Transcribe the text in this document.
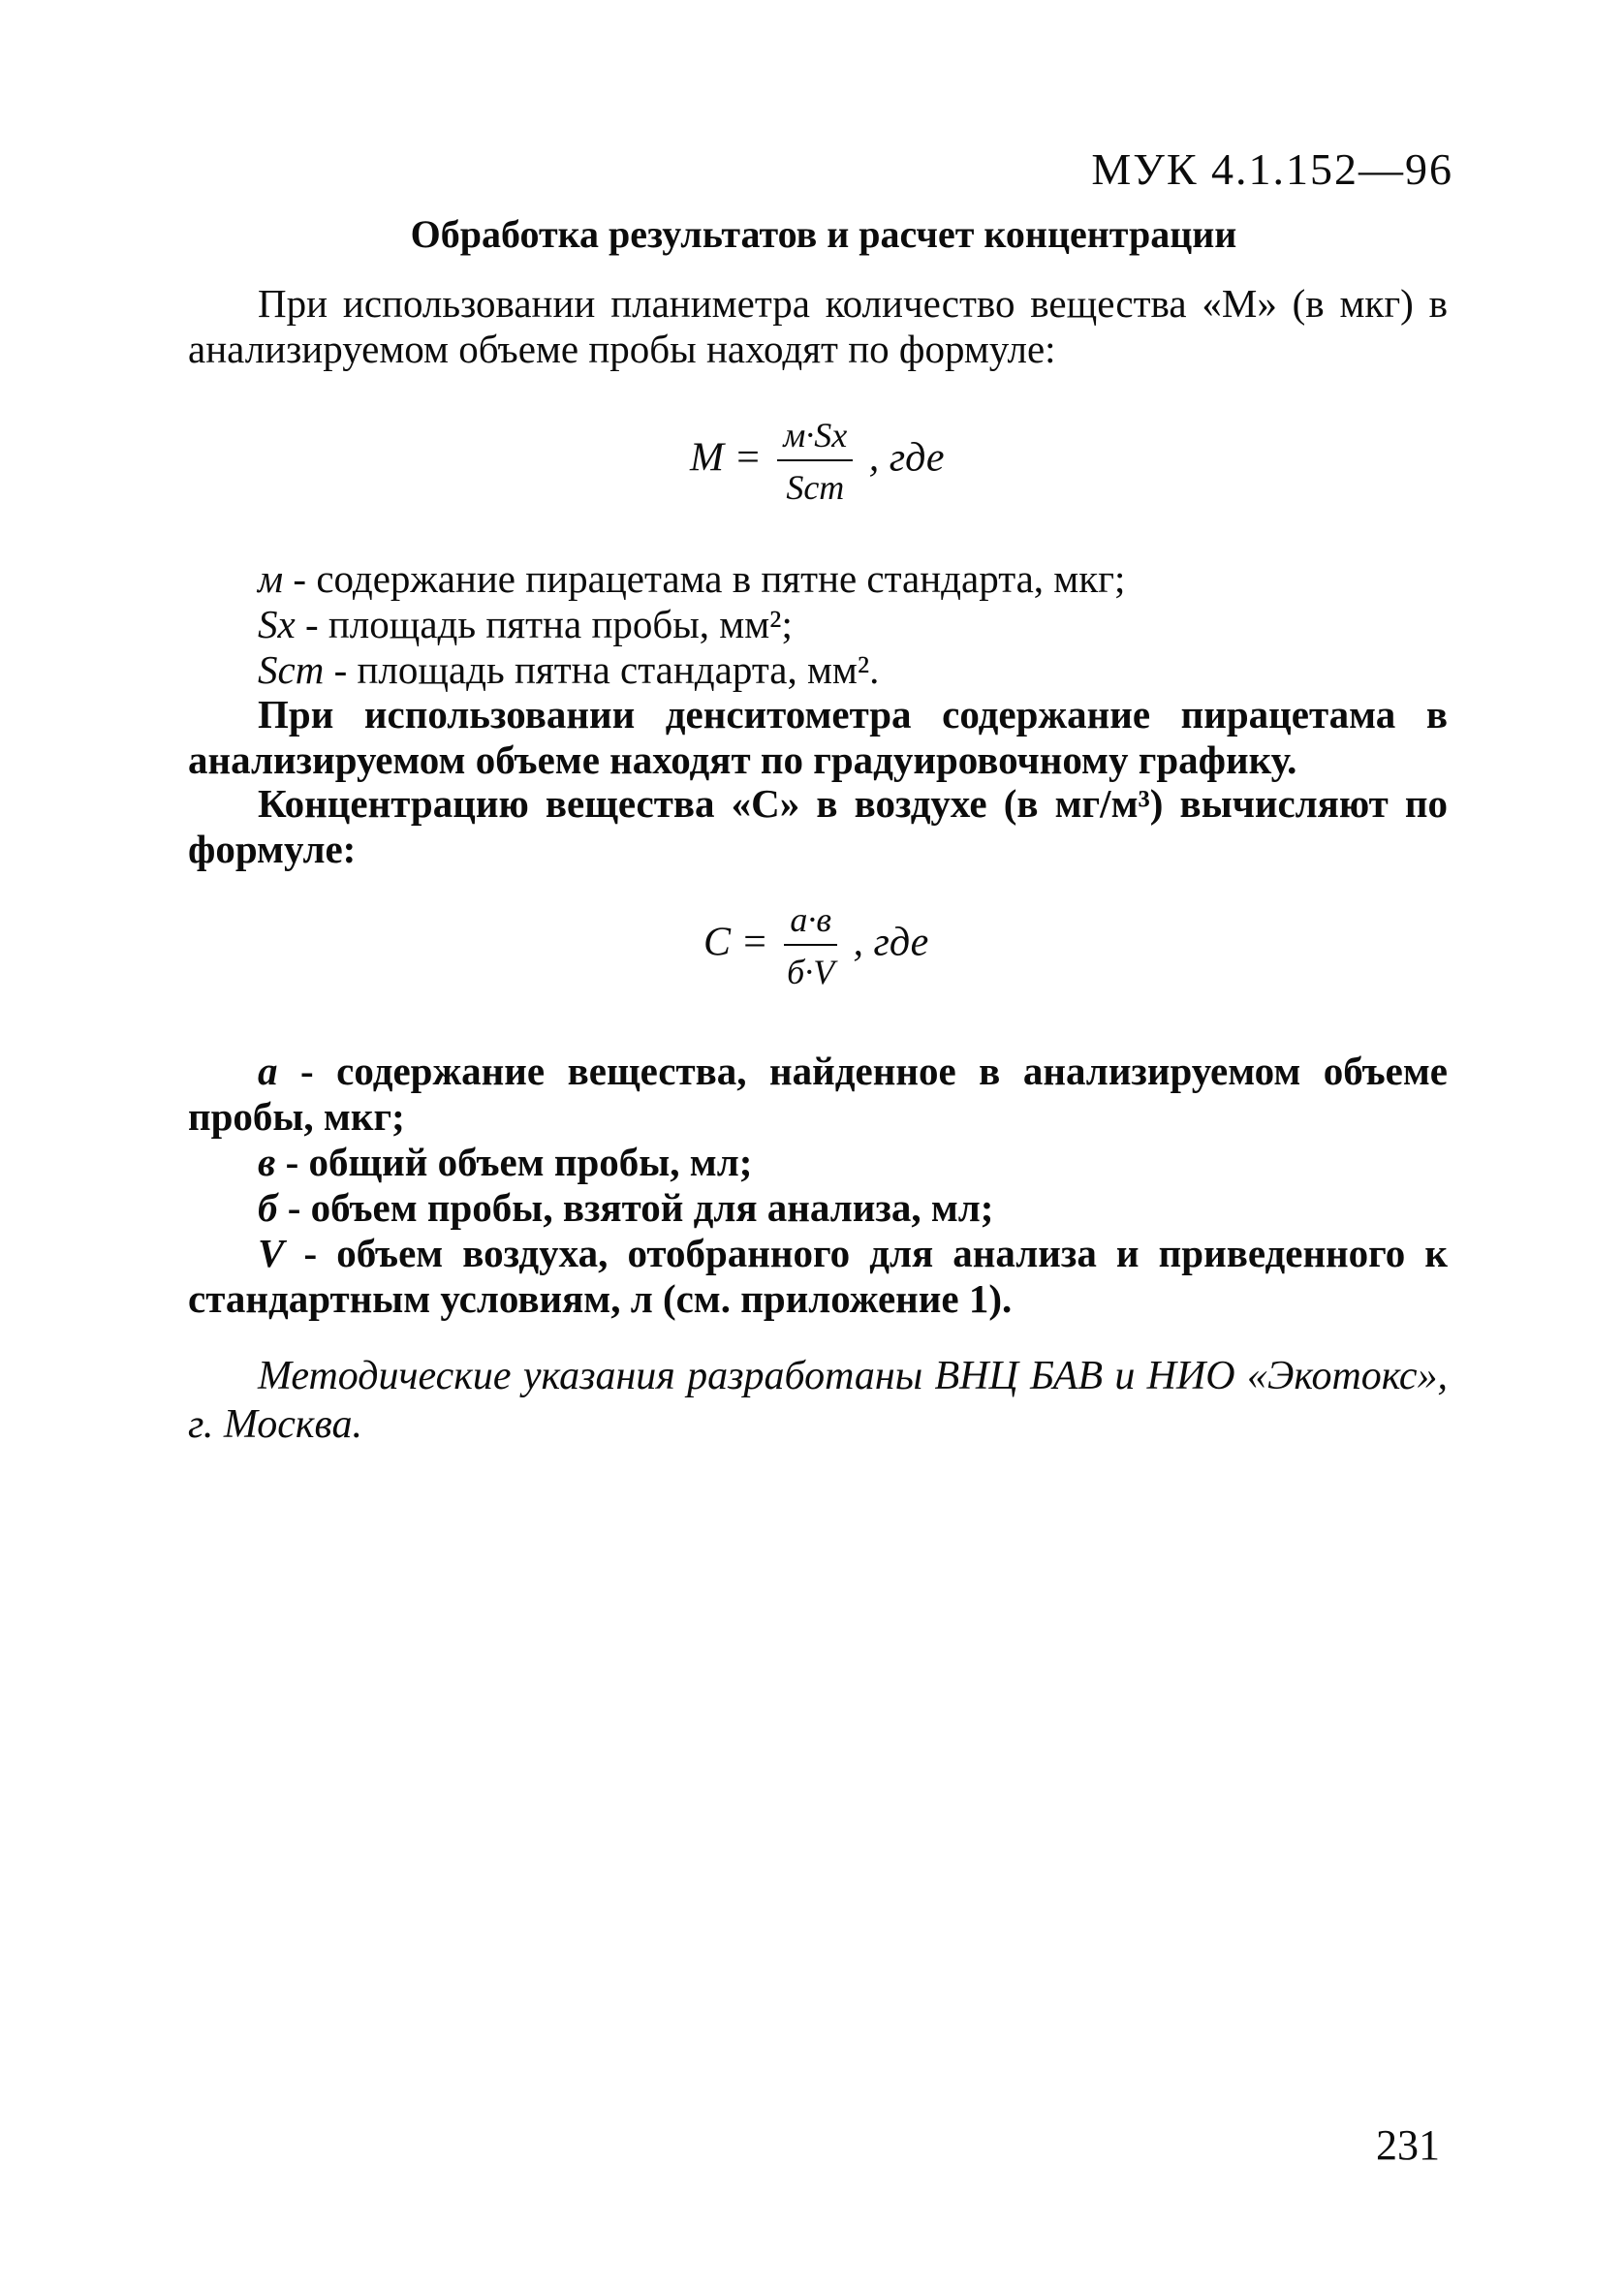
МУК 4.1.152—96
Обработка результатов и расчет концентрации
При использовании планиметра количество вещества «М» (в мкг) в анализируемом объеме пробы находят по формуле:
$М = \frac{м\cdot Sx}{\text{Scm}}$ , где
м - содержание пирацетама в пятне стандарта, мкг;
Sx - площадь пятна пробы, мм²;
Scm - площадь пятна стандарта, мм².
При использовании денситометра содержание пирацетама в анализируемом объеме находят по градуировочному графику.
Концентрацию вещества «С» в воздухе (в мг/м³) вычисляют по формуле:
$С = \frac{а\cdot в}{б\cdot V}$ , где
а - содержание вещества, найденное в анализируемом объеме пробы, мкг;
в - общий объем пробы, мл;
б - объем пробы, взятой для анализа, мл;
V - объем воздуха, отобранного для анализа и приведенного к стандартным условиям, л (см. приложение 1).
Методические указания разработаны ВНЦ БАВ и НИО «Экотокс», г. Москва.
231
